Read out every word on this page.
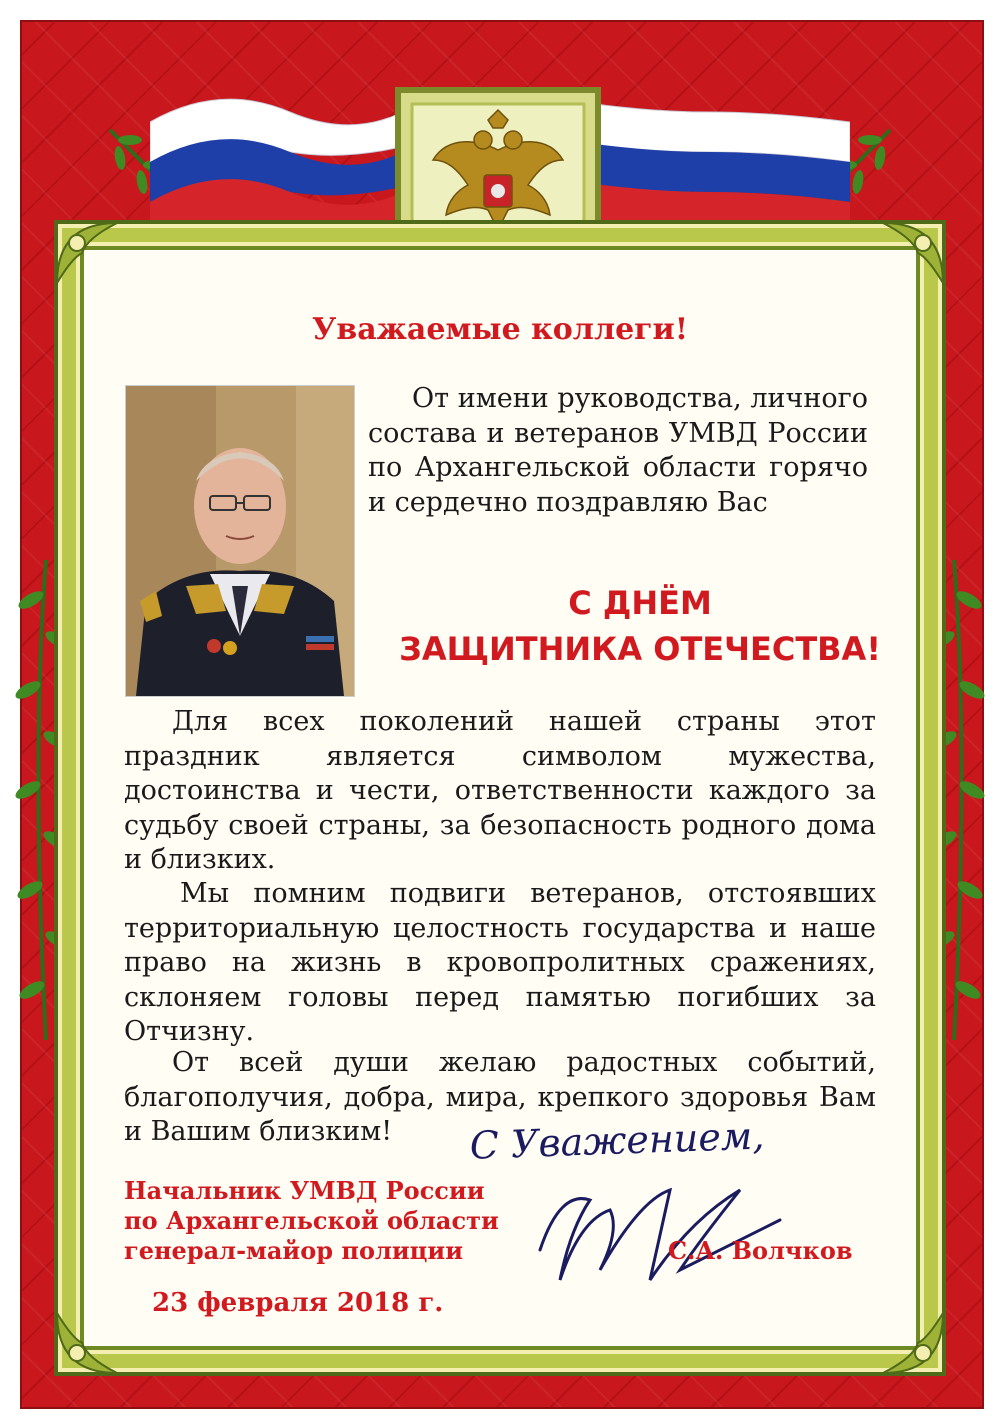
Уважаемые коллеги!

От имени руководства, личного состава и ветеранов УМВД России по Архангельской области горячо и сердечно поздравляю Вас

С ДНЁМ
ЗАЩИТНИКА ОТЕЧЕСТВА!

Для всех поколений нашей страны этот праздник является символом мужества, достоинства и чести, ответственности каждого за судьбу своей страны, за безопасность родного дома и близких.

Мы помним подвиги ветеранов, отстоявших территориальную целостность государства и наше право на жизнь в кровопролитных сражениях, склоняем головы перед памятью погибших за Отчизну.

От всей души желаю радостных событий, благополучия, добра, мира, крепкого здоровья Вам и Вашим близким!	С Уважением,
Начальник УМВД России
по Архангельской области
генерал-майор полиции	С.А. Волчков
23 февраля 2018 г.
